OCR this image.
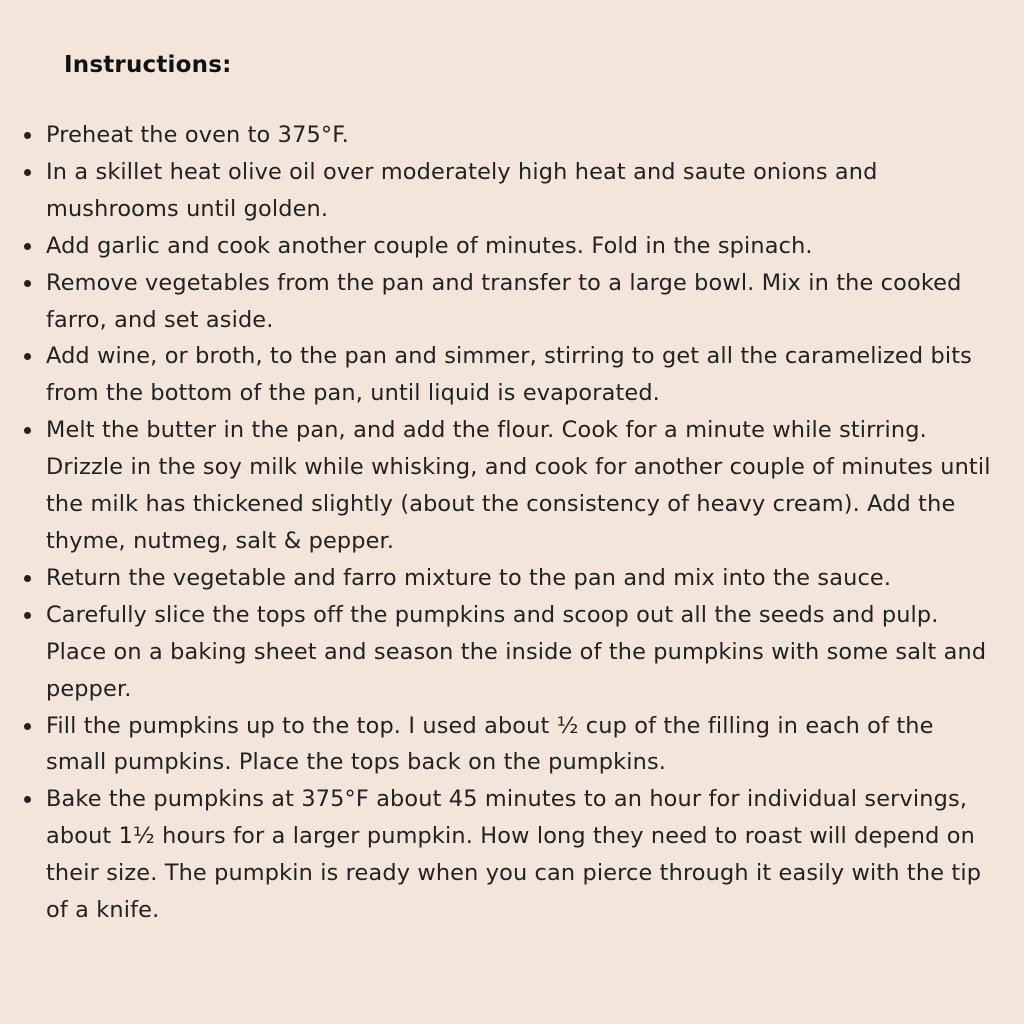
Instructions:
Preheat the oven to 375°F.
In a skillet heat olive oil over moderately high heat and saute onions and mushrooms until golden.
Add garlic and cook another couple of minutes. Fold in the spinach.
Remove vegetables from the pan and transfer to a large bowl. Mix in the cooked farro, and set aside.
Add wine, or broth, to the pan and simmer, stirring to get all the caramelized bits from the bottom of the pan, until liquid is evaporated.
Melt the butter in the pan, and add the flour. Cook for a minute while stirring. Drizzle in the soy milk while whisking, and cook for another couple of minutes until the milk has thickened slightly (about the consistency of heavy cream). Add the thyme, nutmeg, salt & pepper.
Return the vegetable and farro mixture to the pan and mix into the sauce.
Carefully slice the tops off the pumpkins and scoop out all the seeds and pulp. Place on a baking sheet and season the inside of the pumpkins with some salt and pepper.
Fill the pumpkins up to the top. I used about ½ cup of the filling in each of the small pumpkins. Place the tops back on the pumpkins.
Bake the pumpkins at 375°F about 45 minutes to an hour for individual servings, about 1½ hours for a larger pumpkin. How long they need to roast will depend on their size. The pumpkin is ready when you can pierce through it easily with the tip of a knife.
